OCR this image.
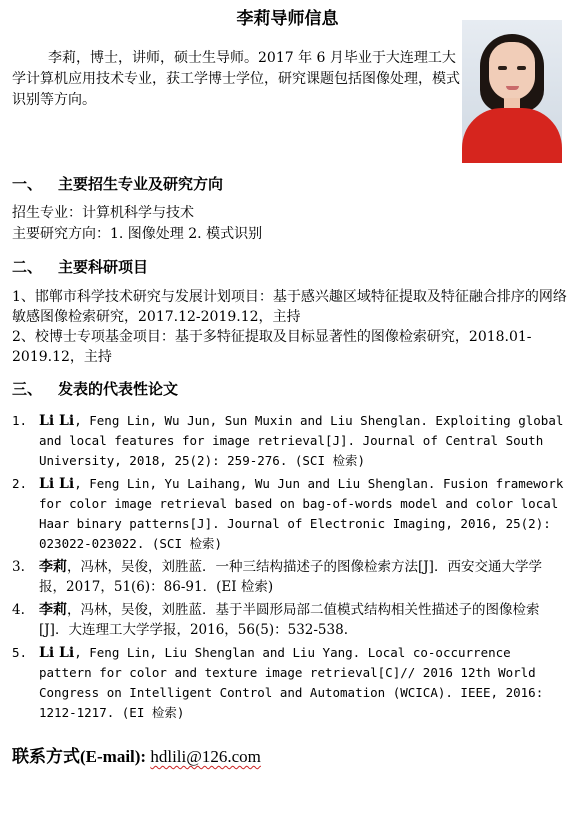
李莉导师信息
李莉，博士，讲师，硕士生导师。2017 年 6 月毕业于大连理工大学计算机应用技术专业，获工学博士学位，研究课题包括图像处理，模式识别等方向。
一、 主要招生专业及研究方向
招生专业：计算机科学与技术
主要研究方向：1. 图像处理 2. 模式识别
二、 主要科研项目
1、邯郸市科学技术研究与发展计划项目：基于感兴趣区域特征提取及特征融合排序的网络敏感图像检索研究，2017.12-2019.12，主持
2、校博士专项基金项目：基于多特征提取及目标显著性的图像检索研究，2018.01-2019.12，主持
三、 发表的代表性论文
1. Li Li, Feng Lin, Wu Jun, Sun Muxin and Liu Shenglan. Exploiting global and local features for image retrieval[J]. Journal of Central South University, 2018, 25(2): 259-276. (SCI 检索)
2. Li Li, Feng Lin, Yu Laihang, Wu Jun and Liu Shenglan. Fusion framework for color image retrieval based on bag-of-words model and color local Haar binary patterns[J]. Journal of Electronic Imaging, 2016, 25(2): 023022-023022. (SCI 检索)
3. 李莉，冯林，吴俊，刘胜蓝．一种三结构描述子的图像检索方法[J]．西安交通大学学报，2017，51(6)：86-91．(EI 检索)
4. 李莉，冯林，吴俊，刘胜蓝．基于半圆形局部二值模式结构相关性描述子的图像检索[J]．大连理工大学学报，2016，56(5)：532-538.
5. Li Li, Feng Lin, Liu Shenglan and Liu Yang. Local co-occurrence pattern for color and texture image retrieval[C]// 2016 12th World Congress on Intelligent Control and Automation (WCICA). IEEE, 2016: 1212-1217. (EI 检索)
联系方式(E-mail): hdlili@126.com
